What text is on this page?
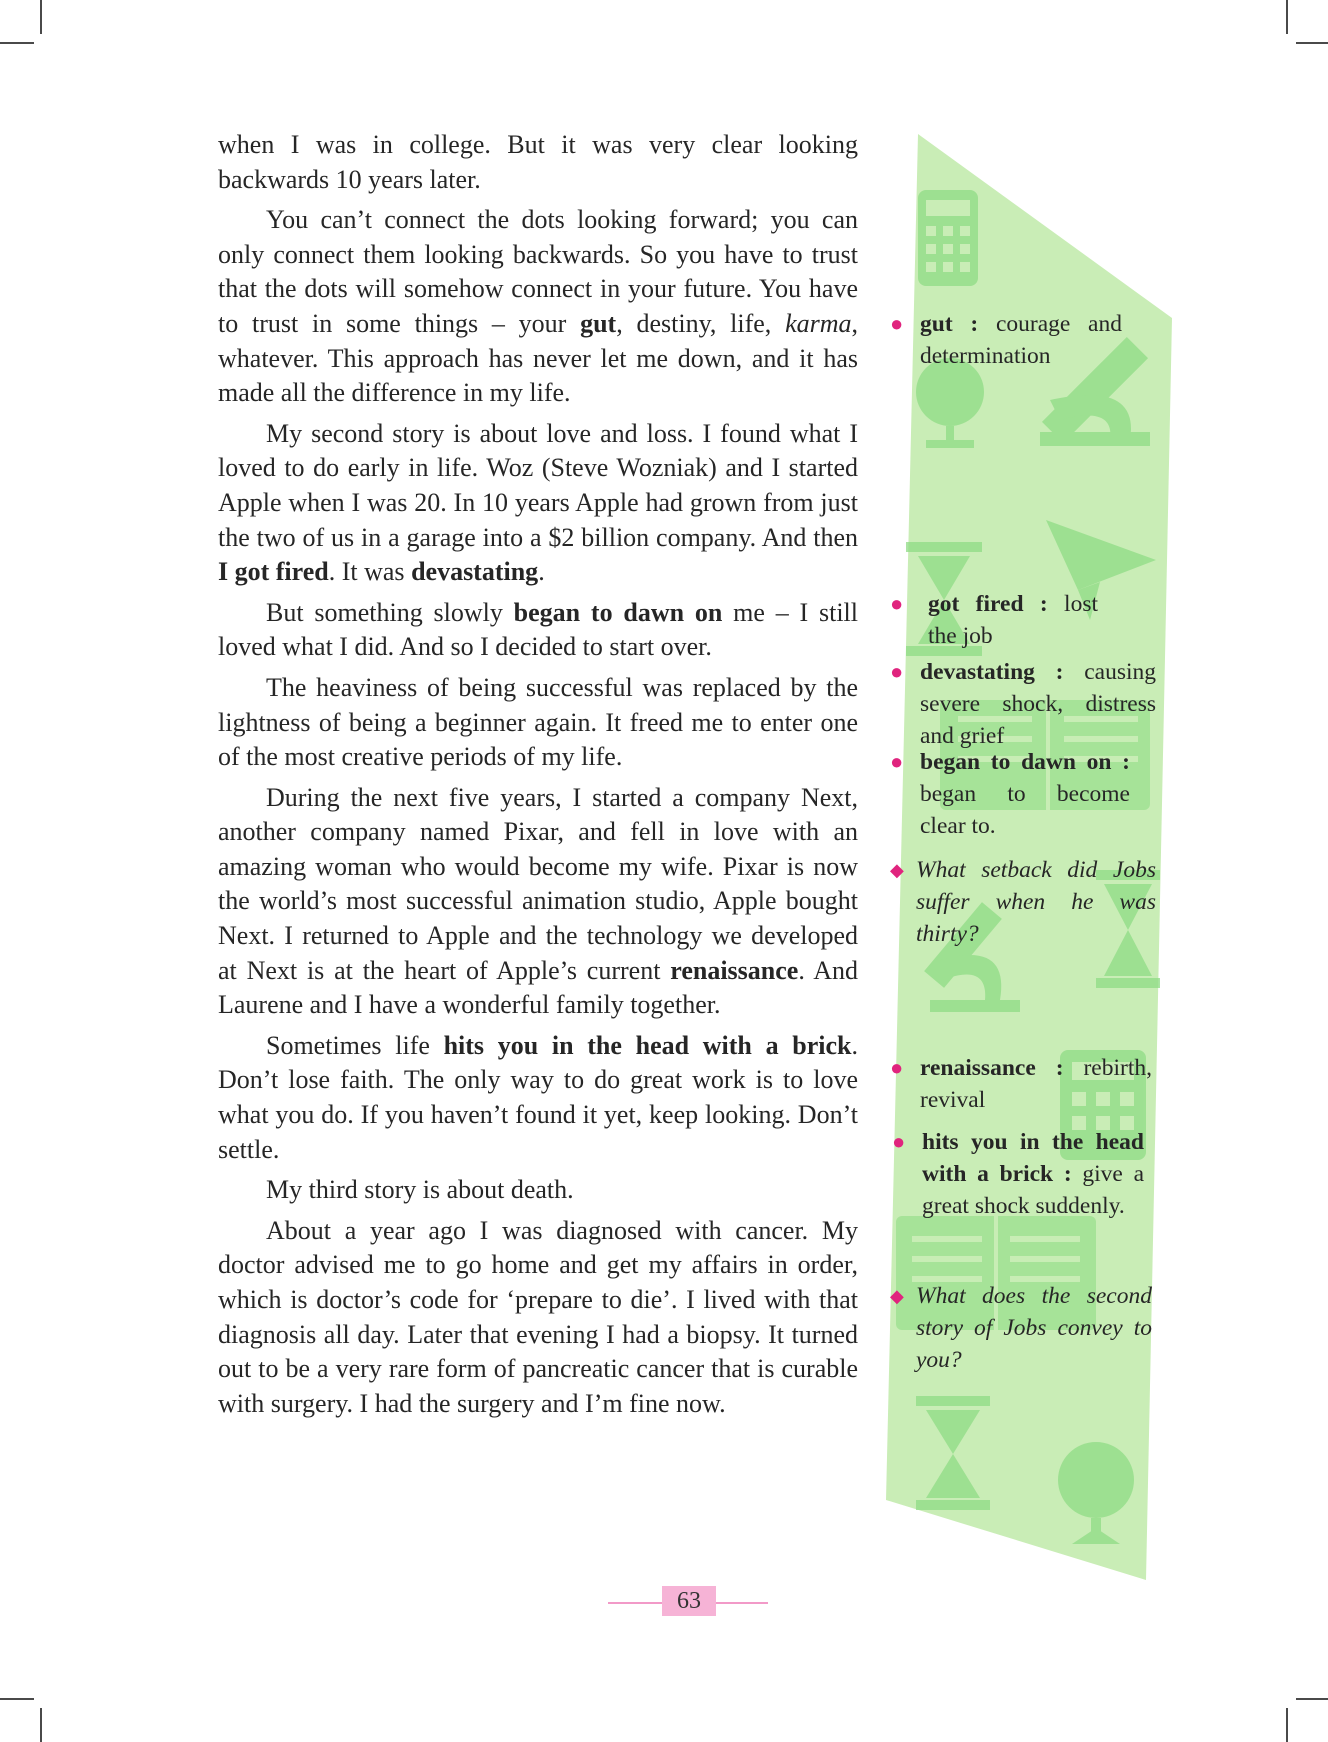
when I was in college. But it was very clear looking backwards 10 years later.

You can’t connect the dots looking forward; you can only connect them looking backwards. So you have to trust that the dots will somehow connect in your future. You have to trust in some things – your gut, destiny, life, karma, whatever. This approach has never let me down, and it has made all the difference in my life.

My second story is about love and loss. I found what I loved to do early in life. Woz (Steve Wozniak) and I started Apple when I was 20. In 10 years Apple had grown from just the two of us in a garage into a $2 billion company. And then I got fired. It was devastating.

But something slowly began to dawn on me – I still loved what I did. And so I decided to start over.

The heaviness of being successful was replaced by the lightness of being a beginner again. It freed me to enter one of the most creative periods of my life.

During the next five years, I started a company Next, another company named Pixar, and fell in love with an amazing woman who would become my wife. Pixar is now the world’s most successful animation studio, Apple bought Next. I returned to Apple and the technology we developed at Next is at the heart of Apple’s current renaissance. And Laurene and I have a wonderful family together.

Sometimes life hits you in the head with a brick. Don’t lose faith. The only way to do great work is to love what you do. If you haven’t found it yet, keep looking. Don’t settle.

My third story is about death.

About a year ago I was diagnosed with cancer. My doctor advised me to go home and get my affairs in order, which is doctor’s code for ‘prepare to die’. I lived with that diagnosis all day. Later that evening I had a biopsy. It turned out to be a very rare form of pancreatic cancer that is curable with surgery. I had the surgery and I’m fine now.

● gut : courage and determination
● got fired : lost the job
● devastating : causing severe shock, distress and grief
● began to dawn on : began to become clear to.
◆ What setback did Jobs suffer when he was thirty?
● renaissance : rebirth, revival
● hits you in the head with a brick : give a great shock suddenly.
◆ What does the second story of Jobs convey to you?
63
